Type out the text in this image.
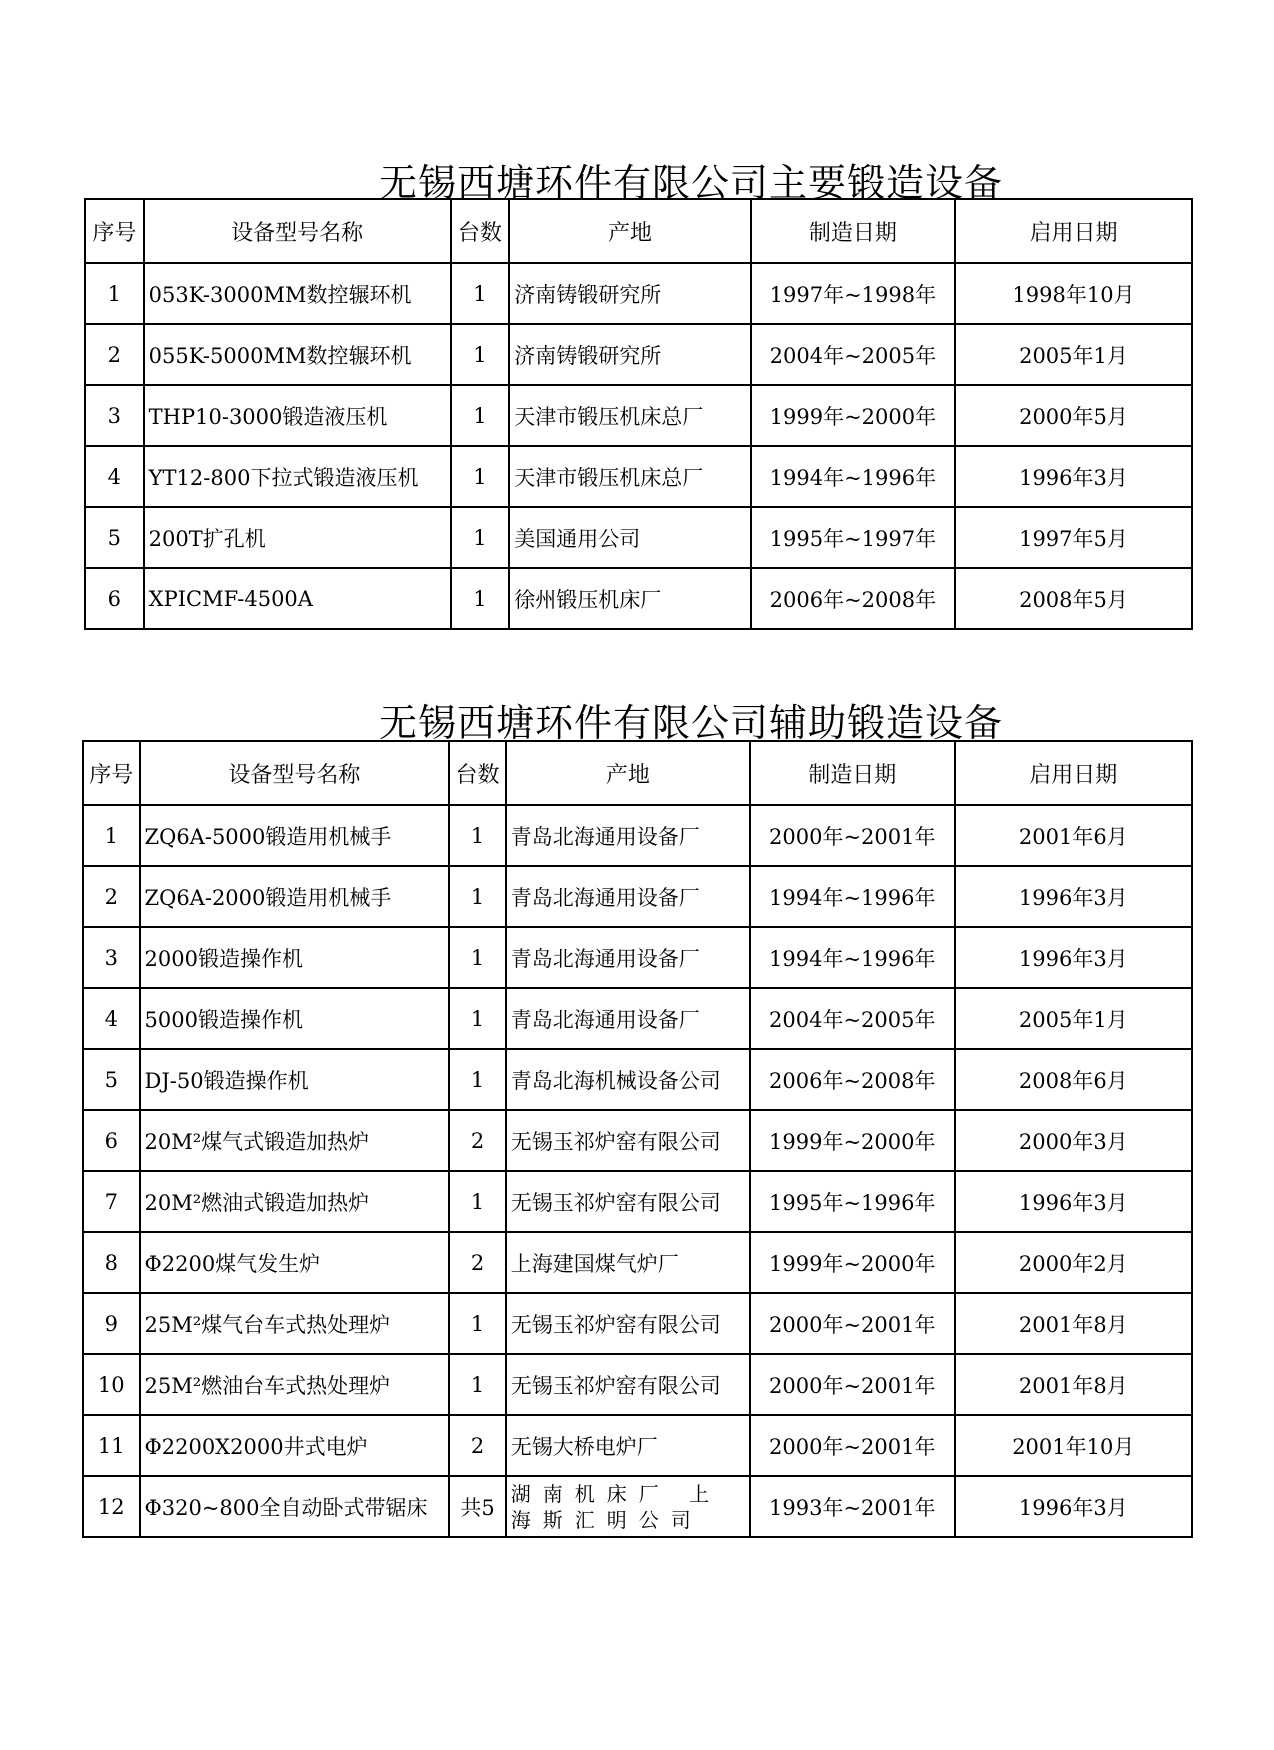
无锡西塘环件有限公司主要锻造设备
序号	设备型号名称	台数	产地	制造日期	启用日期
1	053K-3000MM数控辗环机	1	济南铸锻研究所	1997年~1998年	1998年10月
2	055K-5000MM数控辗环机	1	济南铸锻研究所	2004年~2005年	2005年1月
3	THP10-3000锻造液压机	1	天津市锻压机床总厂	1999年~2000年	2000年5月
4	YT12-800下拉式锻造液压机	1	天津市锻压机床总厂	1994年~1996年	1996年3月
5	200T扩孔机	1	美国通用公司	1995年~1997年	1997年5月
6	XPICMF-4500A	1	徐州锻压机床厂	2006年~2008年	2008年5月
无锡西塘环件有限公司辅助锻造设备
序号	设备型号名称	台数	产地	制造日期	启用日期
1	ZQ6A-5000锻造用机械手	1	青岛北海通用设备厂	2000年~2001年	2001年6月
2	ZQ6A-2000锻造用机械手	1	青岛北海通用设备厂	1994年~1996年	1996年3月
3	2000锻造操作机	1	青岛北海通用设备厂	1994年~1996年	1996年3月
4	5000锻造操作机	1	青岛北海通用设备厂	2004年~2005年	2005年1月
5	DJ-50锻造操作机	1	青岛北海机械设备公司	2006年~2008年	2008年6月
6	20M²煤气式锻造加热炉	2	无锡玉祁炉窑有限公司	1999年~2000年	2000年3月
7	20M²燃油式锻造加热炉	1	无锡玉祁炉窑有限公司	1995年~1996年	1996年3月
8	Φ2200煤气发生炉	2	上海建国煤气炉厂	1999年~2000年	2000年2月
9	25M²煤气台车式热处理炉	1	无锡玉祁炉窑有限公司	2000年~2001年	2001年8月
10	25M²燃油台车式热处理炉	1	无锡玉祁炉窑有限公司	2000年~2001年	2001年8月
11	Φ2200X2000井式电炉	2	无锡大桥电炉厂	2000年~2001年	2001年10月
12	Φ320~800全自动卧式带锯床	共5	湖南机床厂 上海斯汇明公司	1993年~2001年	1996年3月
